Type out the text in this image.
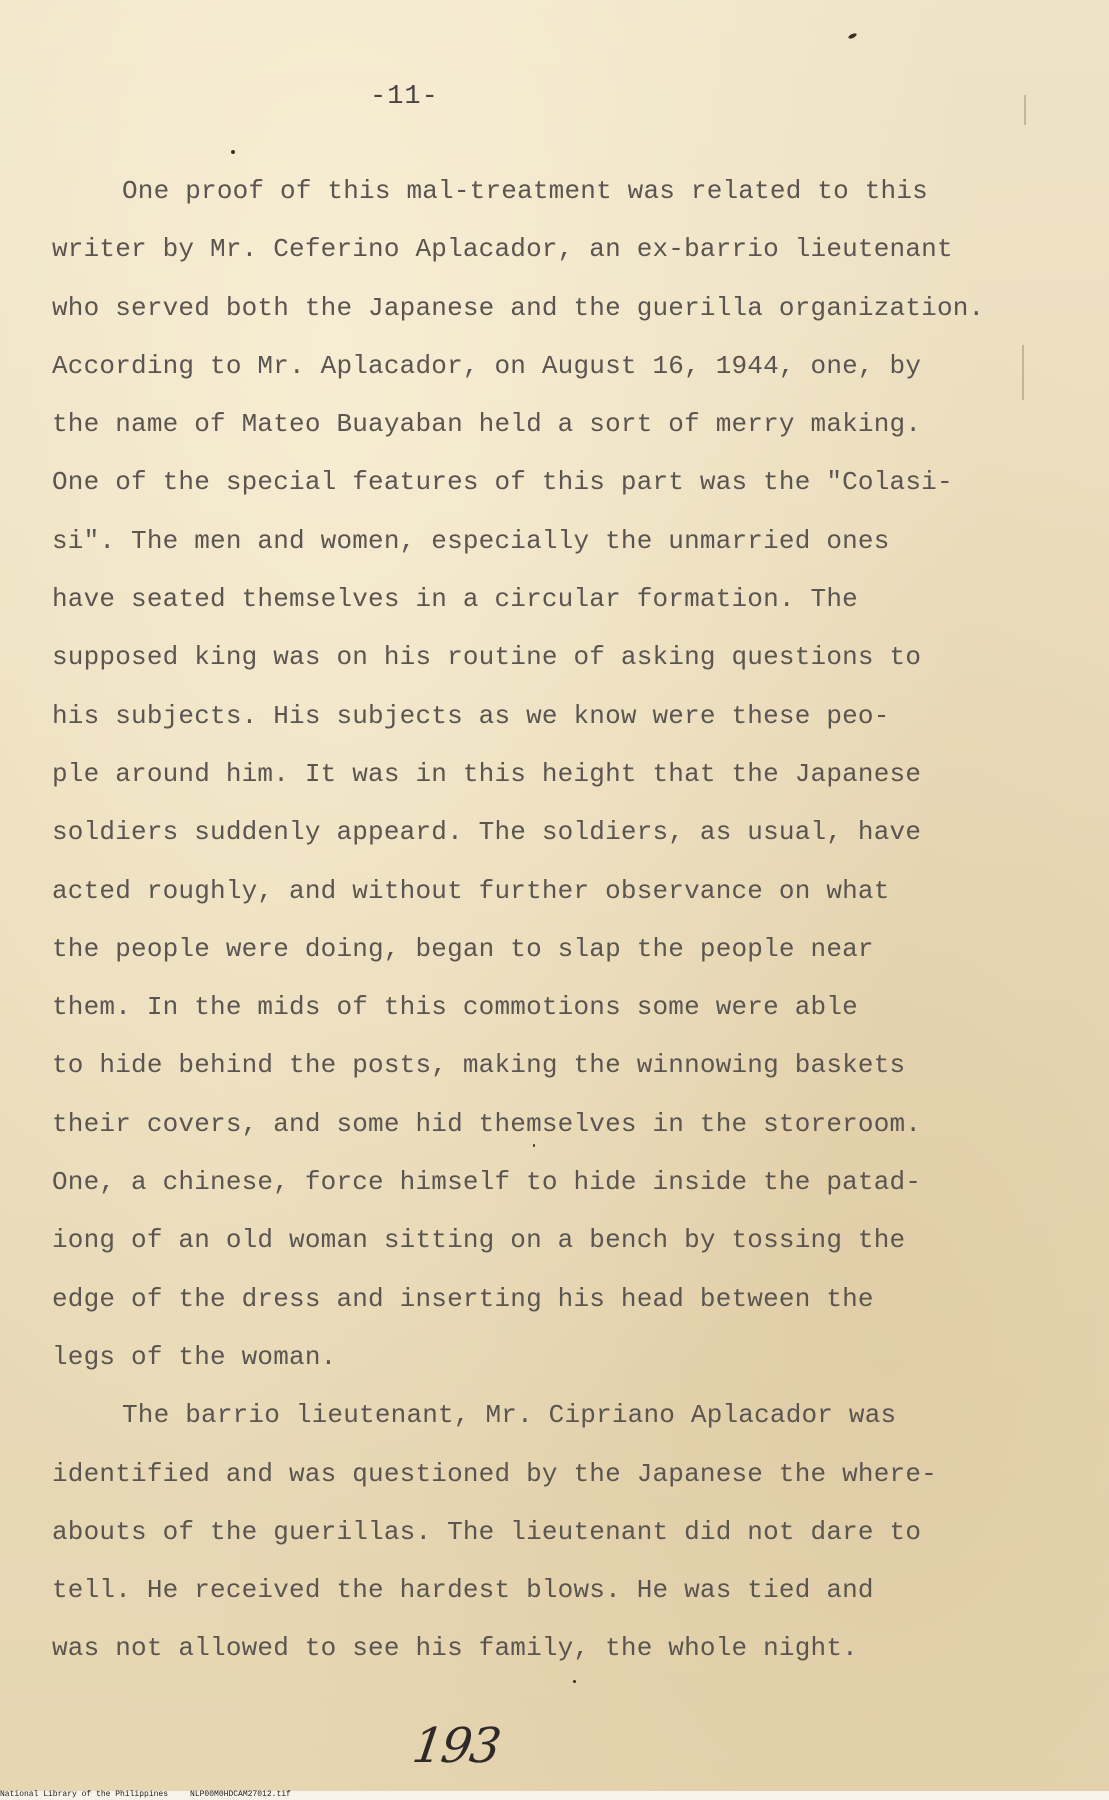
-11-
One proof of this mal-treatment was related to this
writer by Mr. Ceferino Aplacador, an ex-barrio lieutenant
who served both the Japanese and the guerilla organization.
According to Mr. Aplacador, on August 16, 1944, one, by
the name of Mateo Buayaban held a sort of merry making.
One of the special features of this part was the "Colasi-
si". The men and women, especially the unmarried ones
have seated themselves in a circular formation. The
supposed king was on his routine of asking questions to
his subjects. His subjects as we know were these peo-
ple around him. It was in this height that the Japanese
soldiers suddenly appeard. The soldiers, as usual, have
acted roughly, and without further observance on what
the people were doing, began to slap the people near
them. In the mids of this commotions some were able
to hide behind the posts, making the winnowing baskets
their covers, and some hid themselves in the storeroom.
One, a chinese, force himself to hide inside the patad-
iong of an old woman sitting on a bench by tossing the
edge of the dress and inserting his head between the
legs of the woman.
The barrio lieutenant, Mr. Cipriano Aplacador was
identified and was questioned by the Japanese the where-
abouts of the guerillas. The lieutenant did not dare to
tell. He received the hardest blows. He was tied and
was not allowed to see his family, the whole night.
193
National Library of the Philippines	NLP00M0HDCAM27012.tif
